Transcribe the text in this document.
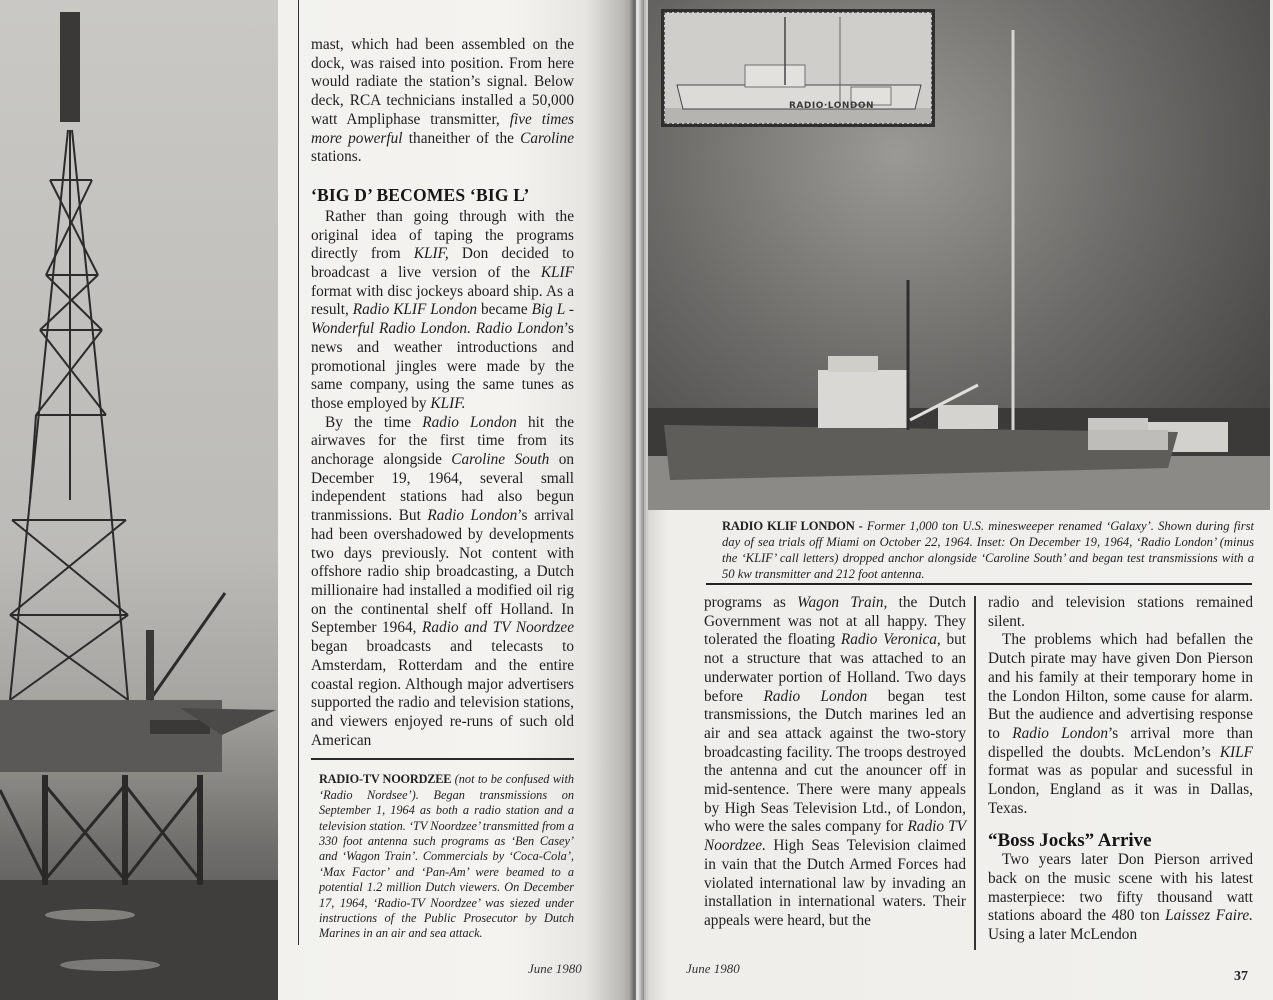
mast, which had been assembled on the dock, was raised into position. From here would radiate the station’s signal. Below deck, RCA technicians installed a 50,000 watt Ampliphase transmitter, five times more powerful thaneither of the Caroline stations.

‘BIG D’ BECOMES ‘BIG L’

Rather than going through with the original idea of taping the programs directly from KLIF, Don decided to broadcast a live version of the KLIF format with disc jockeys aboard ship. As a result, Radio KLIF London became Big L - Wonderful Radio London. Radio London’s news and weather introductions and promotional jingles were made by the same company, using the same tunes as those employed by KLIF.

By the time Radio London hit the airwaves for the first time from its anchorage alongside Caroline South on December 19, 1964, several small independent stations had also begun tranmissions. But Radio London’s arrival had been overshadowed by developments two days previously. Not content with offshore radio ship broadcasting, a Dutch millionaire had installed a modified oil rig on the continental shelf off Holland. In September 1964, Radio and TV Noordzee began broadcasts and telecasts to Amsterdam, Rotterdam and the entire coastal region. Although major advertisers supported the radio and television stations, and viewers enjoyed re-runs of such old American

RADIO-TV NOORDZEE (not to be confused with ‘Radio Nordsee’). Began transmissions on September 1, 1964 as both a radio station and a television station. ‘TV Noordzee’ transmitted from a 330 foot antenna such programs as ‘Ben Casey’ and ‘Wagon Train’. Commercials by ‘Coca-Cola’, ‘Max Factor’ and ‘Pan-Am’ were beamed to a potential 1.2 million Dutch viewers. On December 17, 1964, ‘Radio-TV Noordzee’ was siezed under instructions of the Public Prosecutor by Dutch Marines in an air and sea attack.
June 1980
RADIO·LONDON
RADIO KLIF LONDON - Former 1,000 ton U.S. minesweeper renamed ‘Galaxy’. Shown during first day of sea trials off Miami on October 22, 1964. Inset: On December 19, 1964, ‘Radio London’ (minus the ‘KLIF’ call letters) dropped anchor alongside ‘Caroline South’ and began test transmissions with a 50 kw transmitter and 212 foot antenna.

programs as Wagon Train, the Dutch Government was not at all happy. They tolerated the floating Radio Veronica, but not a structure that was attached to an underwater portion of Holland. Two days before Radio London began test transmissions, the Dutch marines led an air and sea attack against the two-story broadcasting facility. The troops destroyed the antenna and cut the anouncer off in mid-sentence. There were many appeals by High Seas Television Ltd., of London, who were the sales company for Radio TV Noordzee. High Seas Television claimed in vain that the Dutch Armed Forces had violated international law by invading an installation in international waters. Their appeals were heard, but the

radio and television stations remained silent.

The problems which had befallen the Dutch pirate may have given Don Pierson and his family at their temporary home in the London Hilton, some cause for alarm. But the audience and advertising response to Radio London’s arrival more than dispelled the doubts. McLendon’s KILF format was as popular and sucessful in London, England as it was in Dallas, Texas.

“Boss Jocks” Arrive

Two years later Don Pierson arrived back on the music scene with his latest masterpiece: two fifty thousand watt stations aboard the 480 ton Laissez Faire. Using a later McLendon

June 1980
37
